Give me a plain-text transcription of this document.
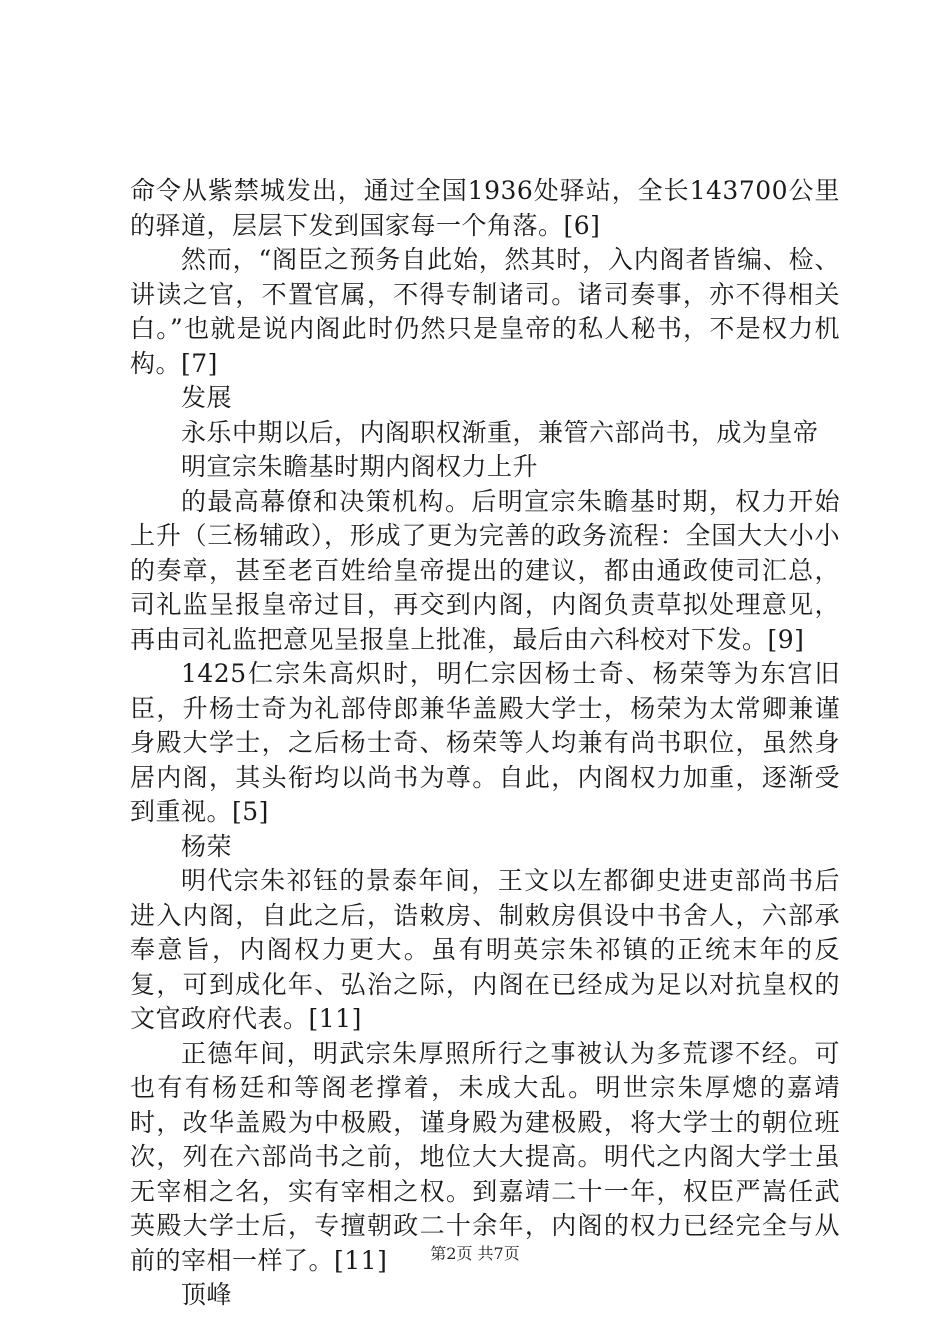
命令从紫禁城发出，通过全国1936处驿站，全长143700公里的驿道，层层下发到国家每一个角落。[6]

然而，“阁臣之预务自此始，然其时，入内阁者皆编、检、讲读之官，不置官属，不得专制诸司。诸司奏事，亦不得相关白。”也就是说内阁此时仍然只是皇帝的私人秘书，不是权力机构。[7]

发展

永乐中期以后，内阁职权渐重，兼管六部尚书，成为皇帝

明宣宗朱瞻基时期内阁权力上升

的最高幕僚和决策机构。后明宣宗朱瞻基时期，权力开始上升（三杨辅政），形成了更为完善的政务流程：全国大大小小的奏章，甚至老百姓给皇帝提出的建议，都由通政使司汇总，司礼监呈报皇帝过目，再交到内阁，内阁负责草拟处理意见，再由司礼监把意见呈报皇上批准，最后由六科校对下发。[9]

1425仁宗朱高炽时，明仁宗因杨士奇、杨荣等为东宫旧臣，升杨士奇为礼部侍郎兼华盖殿大学士，杨荣为太常卿兼谨身殿大学士，之后杨士奇、杨荣等人均兼有尚书职位，虽然身居内阁，其头衔均以尚书为尊。自此，内阁权力加重，逐渐受到重视。[5]

杨荣

明代宗朱祁钰的景泰年间，王文以左都御史进吏部尚书后进入内阁，自此之后，诰敕房、制敕房俱设中书舍人，六部承奉意旨，内阁权力更大。虽有明英宗朱祁镇的正统末年的反复，可到成化年、弘治之际，内阁在已经成为足以对抗皇权的文官政府代表。[11]

正德年间，明武宗朱厚照所行之事被认为多荒谬不经。可也有有杨廷和等阁老撑着，未成大乱。明世宗朱厚熜的嘉靖时，改华盖殿为中极殿，谨身殿为建极殿，将大学士的朝位班次，列在六部尚书之前，地位大大提高。明代之内阁大学士虽无宰相之名，实有宰相之权。到嘉靖二十一年，权臣严嵩任武英殿大学士后，专擅朝政二十余年，内阁的权力已经完全与从前的宰相一样了。[11]

顶峰

第2页 共7页
